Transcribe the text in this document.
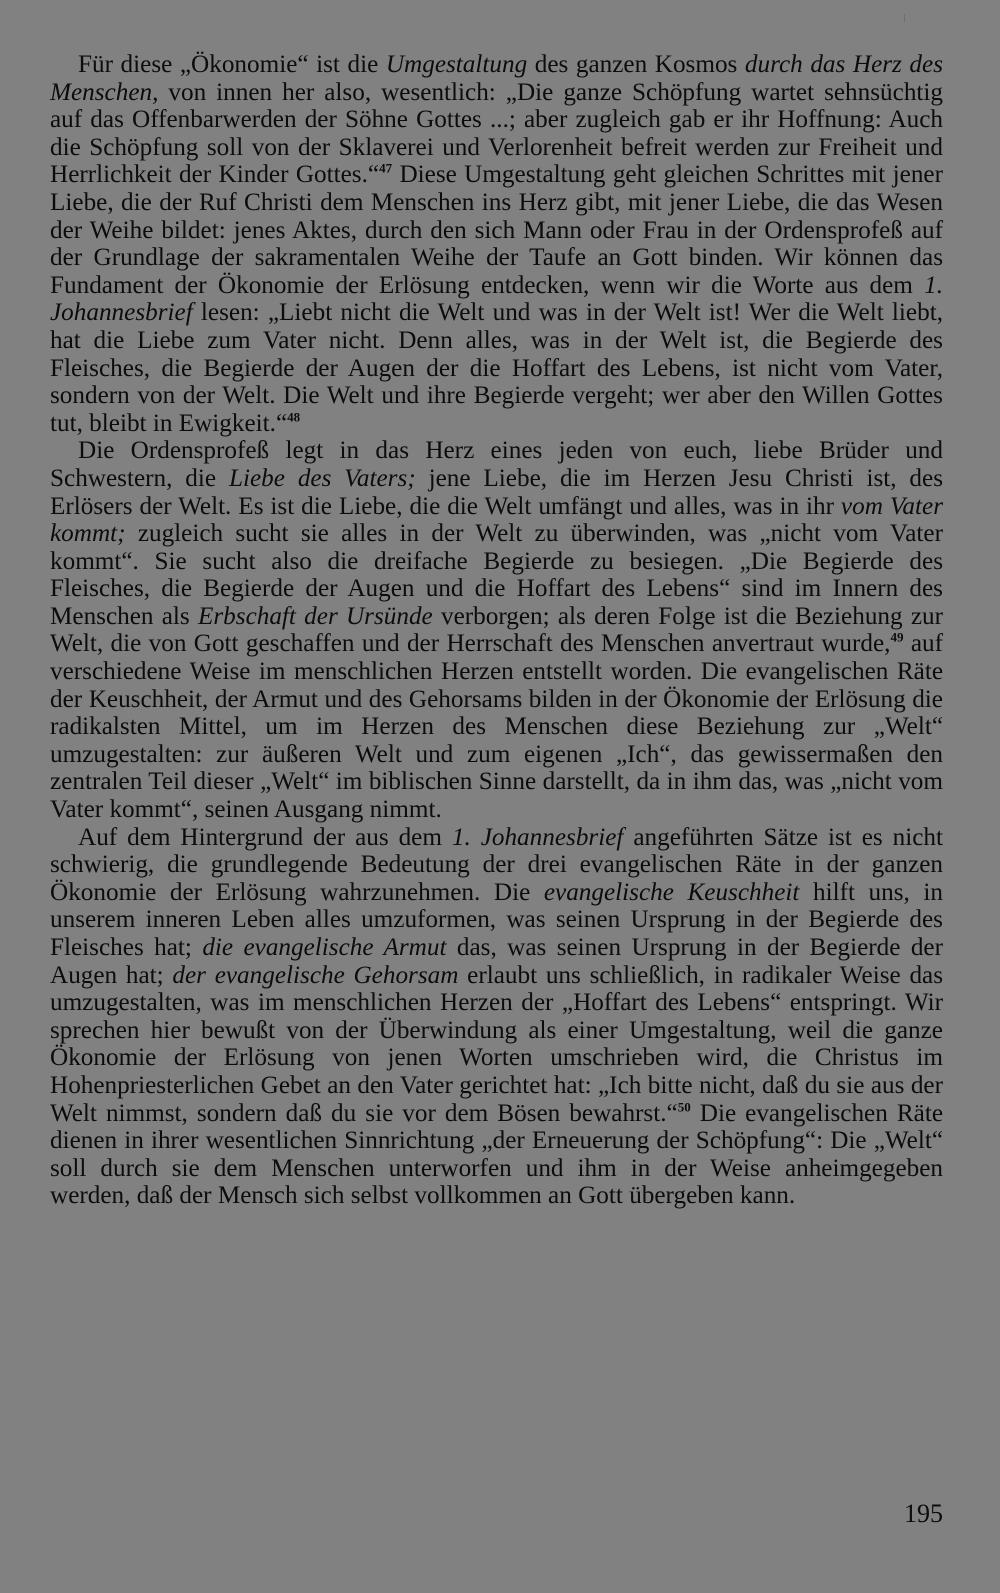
Für diese „Ökonomie“ ist die Umgestaltung des ganzen Kosmos durch das Herz des Menschen, von innen her also, wesentlich: „Die ganze Schöpfung wartet sehnsüchtig auf das Offenbarwerden der Söhne Gottes ...; aber zugleich gab er ihr Hoffnung: Auch die Schöpfung soll von der Sklaverei und Verlorenheit befreit werden zur Freiheit und Herrlichkeit der Kinder Gottes.“$^{47}$ Diese Umgestaltung geht gleichen Schrittes mit jener Liebe, die der Ruf Christi dem Menschen ins Herz gibt, mit jener Liebe, die das Wesen der Weihe bildet: jenes Aktes, durch den sich Mann oder Frau in der Ordensprofeß auf der Grundlage der sakramentalen Weihe der Taufe an Gott binden. Wir können das Fundament der Ökonomie der Erlösung entdecken, wenn wir die Worte aus dem 1. Johannesbrief lesen: „Liebt nicht die Welt und was in der Welt ist! Wer die Welt liebt, hat die Liebe zum Vater nicht. Denn alles, was in der Welt ist, die Begierde des Fleisches, die Begierde der Augen der die Hoffart des Lebens, ist nicht vom Vater, sondern von der Welt. Die Welt und ihre Begierde vergeht; wer aber den Willen Gottes tut, bleibt in Ewigkeit.“$^{48}$

Die Ordensprofeß legt in das Herz eines jeden von euch, liebe Brüder und Schwestern, die Liebe des Vaters; jene Liebe, die im Herzen Jesu Christi ist, des Erlösers der Welt. Es ist die Liebe, die die Welt umfängt und alles, was in ihr vom Vater kommt; zugleich sucht sie alles in der Welt zu überwinden, was „nicht vom Vater kommt“. Sie sucht also die dreifache Begierde zu besiegen. „Die Begierde des Fleisches, die Begierde der Augen und die Hoffart des Lebens“ sind im Innern des Menschen als Erbschaft der Ursünde verborgen; als deren Folge ist die Beziehung zur Welt, die von Gott geschaffen und der Herrschaft des Menschen anvertraut wurde,$^{49}$ auf verschiedene Weise im menschlichen Herzen entstellt worden. Die evangelischen Räte der Keuschheit, der Armut und des Gehorsams bilden in der Ökonomie der Erlösung die radikalsten Mittel, um im Herzen des Menschen diese Beziehung zur „Welt“ umzugestalten: zur äußeren Welt und zum eigenen „Ich“, das gewissermaßen den zentralen Teil dieser „Welt“ im biblischen Sinne darstellt, da in ihm das, was „nicht vom Vater kommt“, seinen Ausgang nimmt.

Auf dem Hintergrund der aus dem 1. Johannesbrief angeführten Sätze ist es nicht schwierig, die grundlegende Bedeutung der drei evangelischen Räte in der ganzen Ökonomie der Erlösung wahrzunehmen. Die evangelische Keuschheit hilft uns, in unserem inneren Leben alles umzuformen, was seinen Ursprung in der Begierde des Fleisches hat; die evangelische Armut das, was seinen Ursprung in der Begierde der Augen hat; der evangelische Gehorsam erlaubt uns schließlich, in radikaler Weise das umzugestalten, was im menschlichen Herzen der „Hoffart des Lebens“ entspringt. Wir sprechen hier bewußt von der Überwindung als einer Umgestaltung, weil die ganze Ökonomie der Erlösung von jenen Worten umschrieben wird, die Christus im Hohenpriesterlichen Gebet an den Vater gerichtet hat: „Ich bitte nicht, daß du sie aus der Welt nimmst, sondern daß du sie vor dem Bösen bewahrst.“$^{50}$ Die evangelischen Räte dienen in ihrer wesentlichen Sinnrichtung „der Erneuerung der Schöpfung“: Die „Welt“ soll durch sie dem Menschen unterworfen und ihm in der Weise anheimgegeben werden, daß der Mensch sich selbst vollkommen an Gott übergeben kann.

195
